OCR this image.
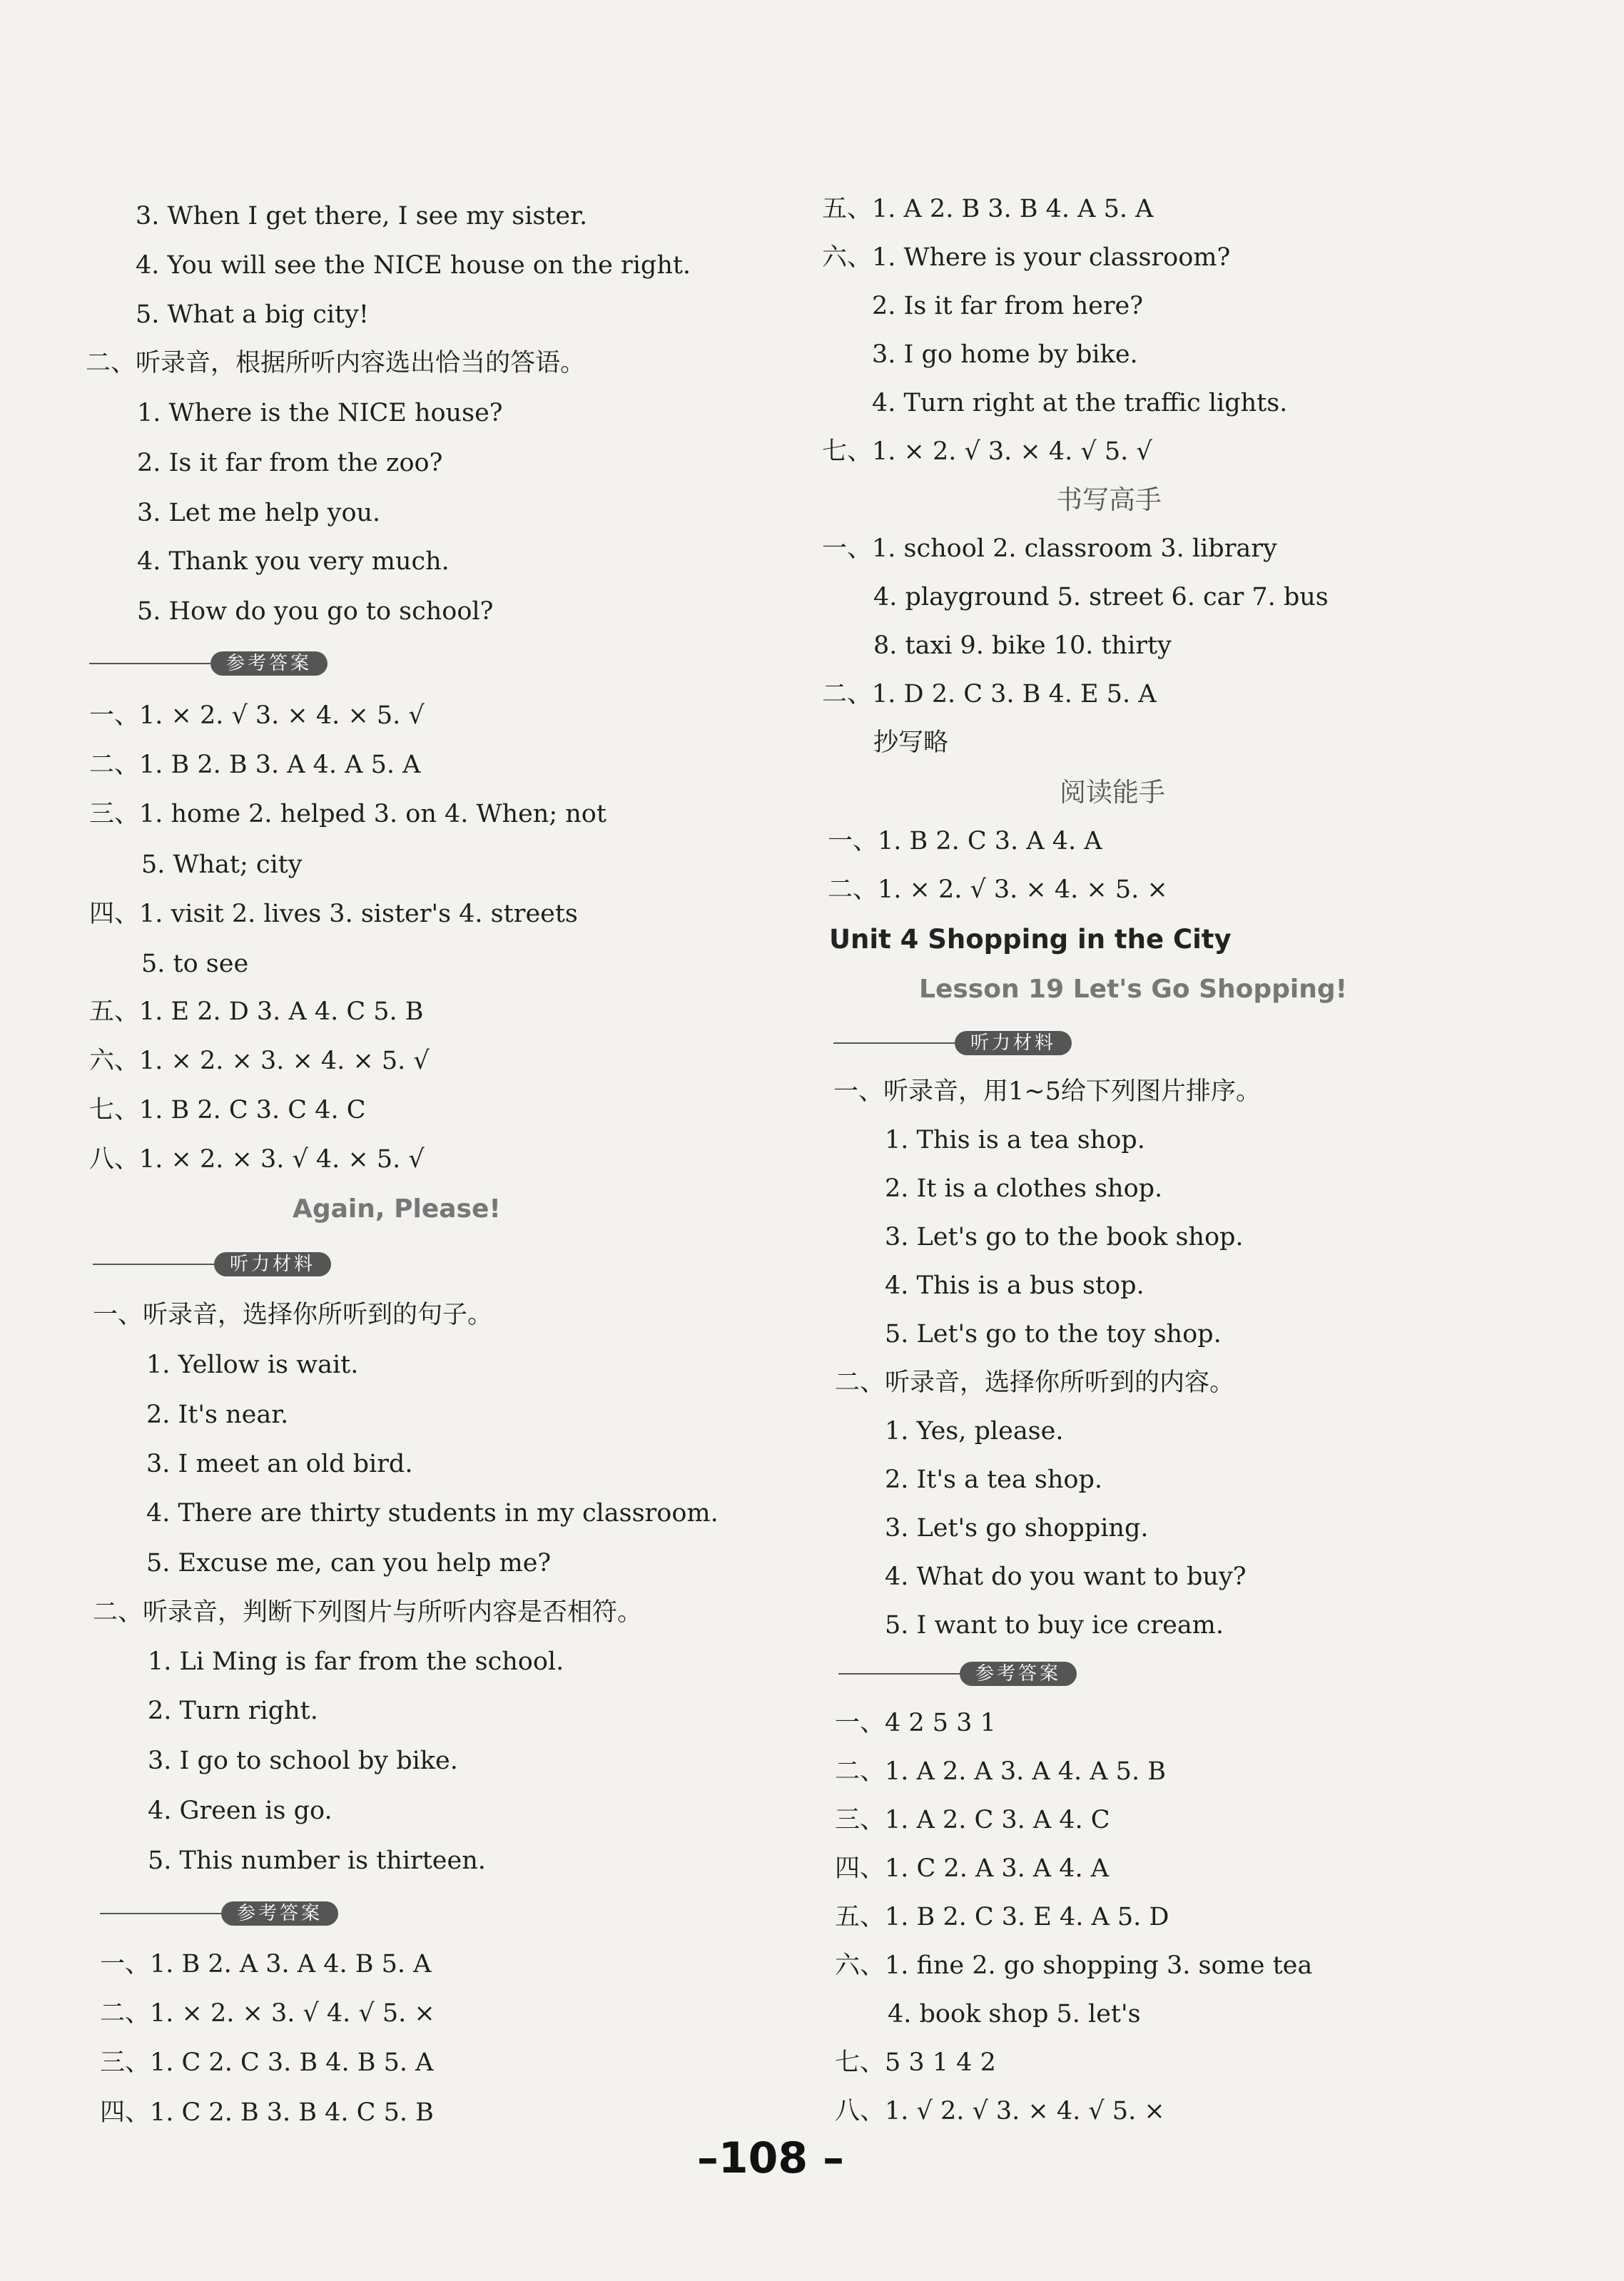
3. When I get there, I see my sister.
4. You will see the NICE house on the right.
5. What a big city!
二、听录音，根据所听内容选出恰当的答语。
1. Where is the NICE house?
2. Is it far from the zoo?
3. Let me help you.
4. Thank you very much.
5. How do you go to school?
参考答案
一、1. × 2. √ 3. × 4. × 5. √
二、1. B 2. B 3. A 4. A 5. A
三、1. home 2. helped 3. on 4. When; not
5. What; city
四、1. visit 2. lives 3. sister's 4. streets
5. to see
五、1. E 2. D 3. A 4. C 5. B
六、1. × 2. × 3. × 4. × 5. √
七、1. B 2. C 3. C 4. C
八、1. × 2. × 3. √ 4. × 5. √
Again, Please!
听力材料
一、听录音，选择你所听到的句子。
1. Yellow is wait.
2. It's near.
3. I meet an old bird.
4. There are thirty students in my classroom.
5. Excuse me, can you help me?
二、听录音，判断下列图片与所听内容是否相符。
1. Li Ming is far from the school.
2. Turn right.
3. I go to school by bike.
4. Green is go.
5. This number is thirteen.
参考答案
一、1. B 2. A 3. A 4. B 5. A
二、1. × 2. × 3. √ 4. √ 5. ×
三、1. C 2. C 3. B 4. B 5. A
四、1. C 2. B 3. B 4. C 5. B
五、1. A 2. B 3. B 4. A 5. A
六、1. Where is your classroom?
2. Is it far from here?
3. I go home by bike.
4. Turn right at the traffic lights.
七、1. × 2. √ 3. × 4. √ 5. √
书写高手
一、1. school 2. classroom 3. library
4. playground 5. street 6. car 7. bus
8. taxi 9. bike 10. thirty
二、1. D 2. C 3. B 4. E 5. A
抄写略
阅读能手
一、1. B 2. C 3. A 4. A
二、1. × 2. √ 3. × 4. × 5. ×
Unit 4 Shopping in the City
Lesson 19 Let's Go Shopping!
听力材料
一、听录音，用1~5给下列图片排序。
1. This is a tea shop.
2. It is a clothes shop.
3. Let's go to the book shop.
4. This is a bus stop.
5. Let's go to the toy shop.
二、听录音，选择你所听到的内容。
1. Yes, please.
2. It's a tea shop.
3. Let's go shopping.
4. What do you want to buy?
5. I want to buy ice cream.
参考答案
一、4 2 5 3 1
二、1. A 2. A 3. A 4. A 5. B
三、1. A 2. C 3. A 4. C
四、1. C 2. A 3. A 4. A
五、1. B 2. C 3. E 4. A 5. D
六、1. fine 2. go shopping 3. some tea
4. book shop 5. let's
七、5 3 1 4 2
八、1. √ 2. √ 3. × 4. √ 5. ×
–108 –
